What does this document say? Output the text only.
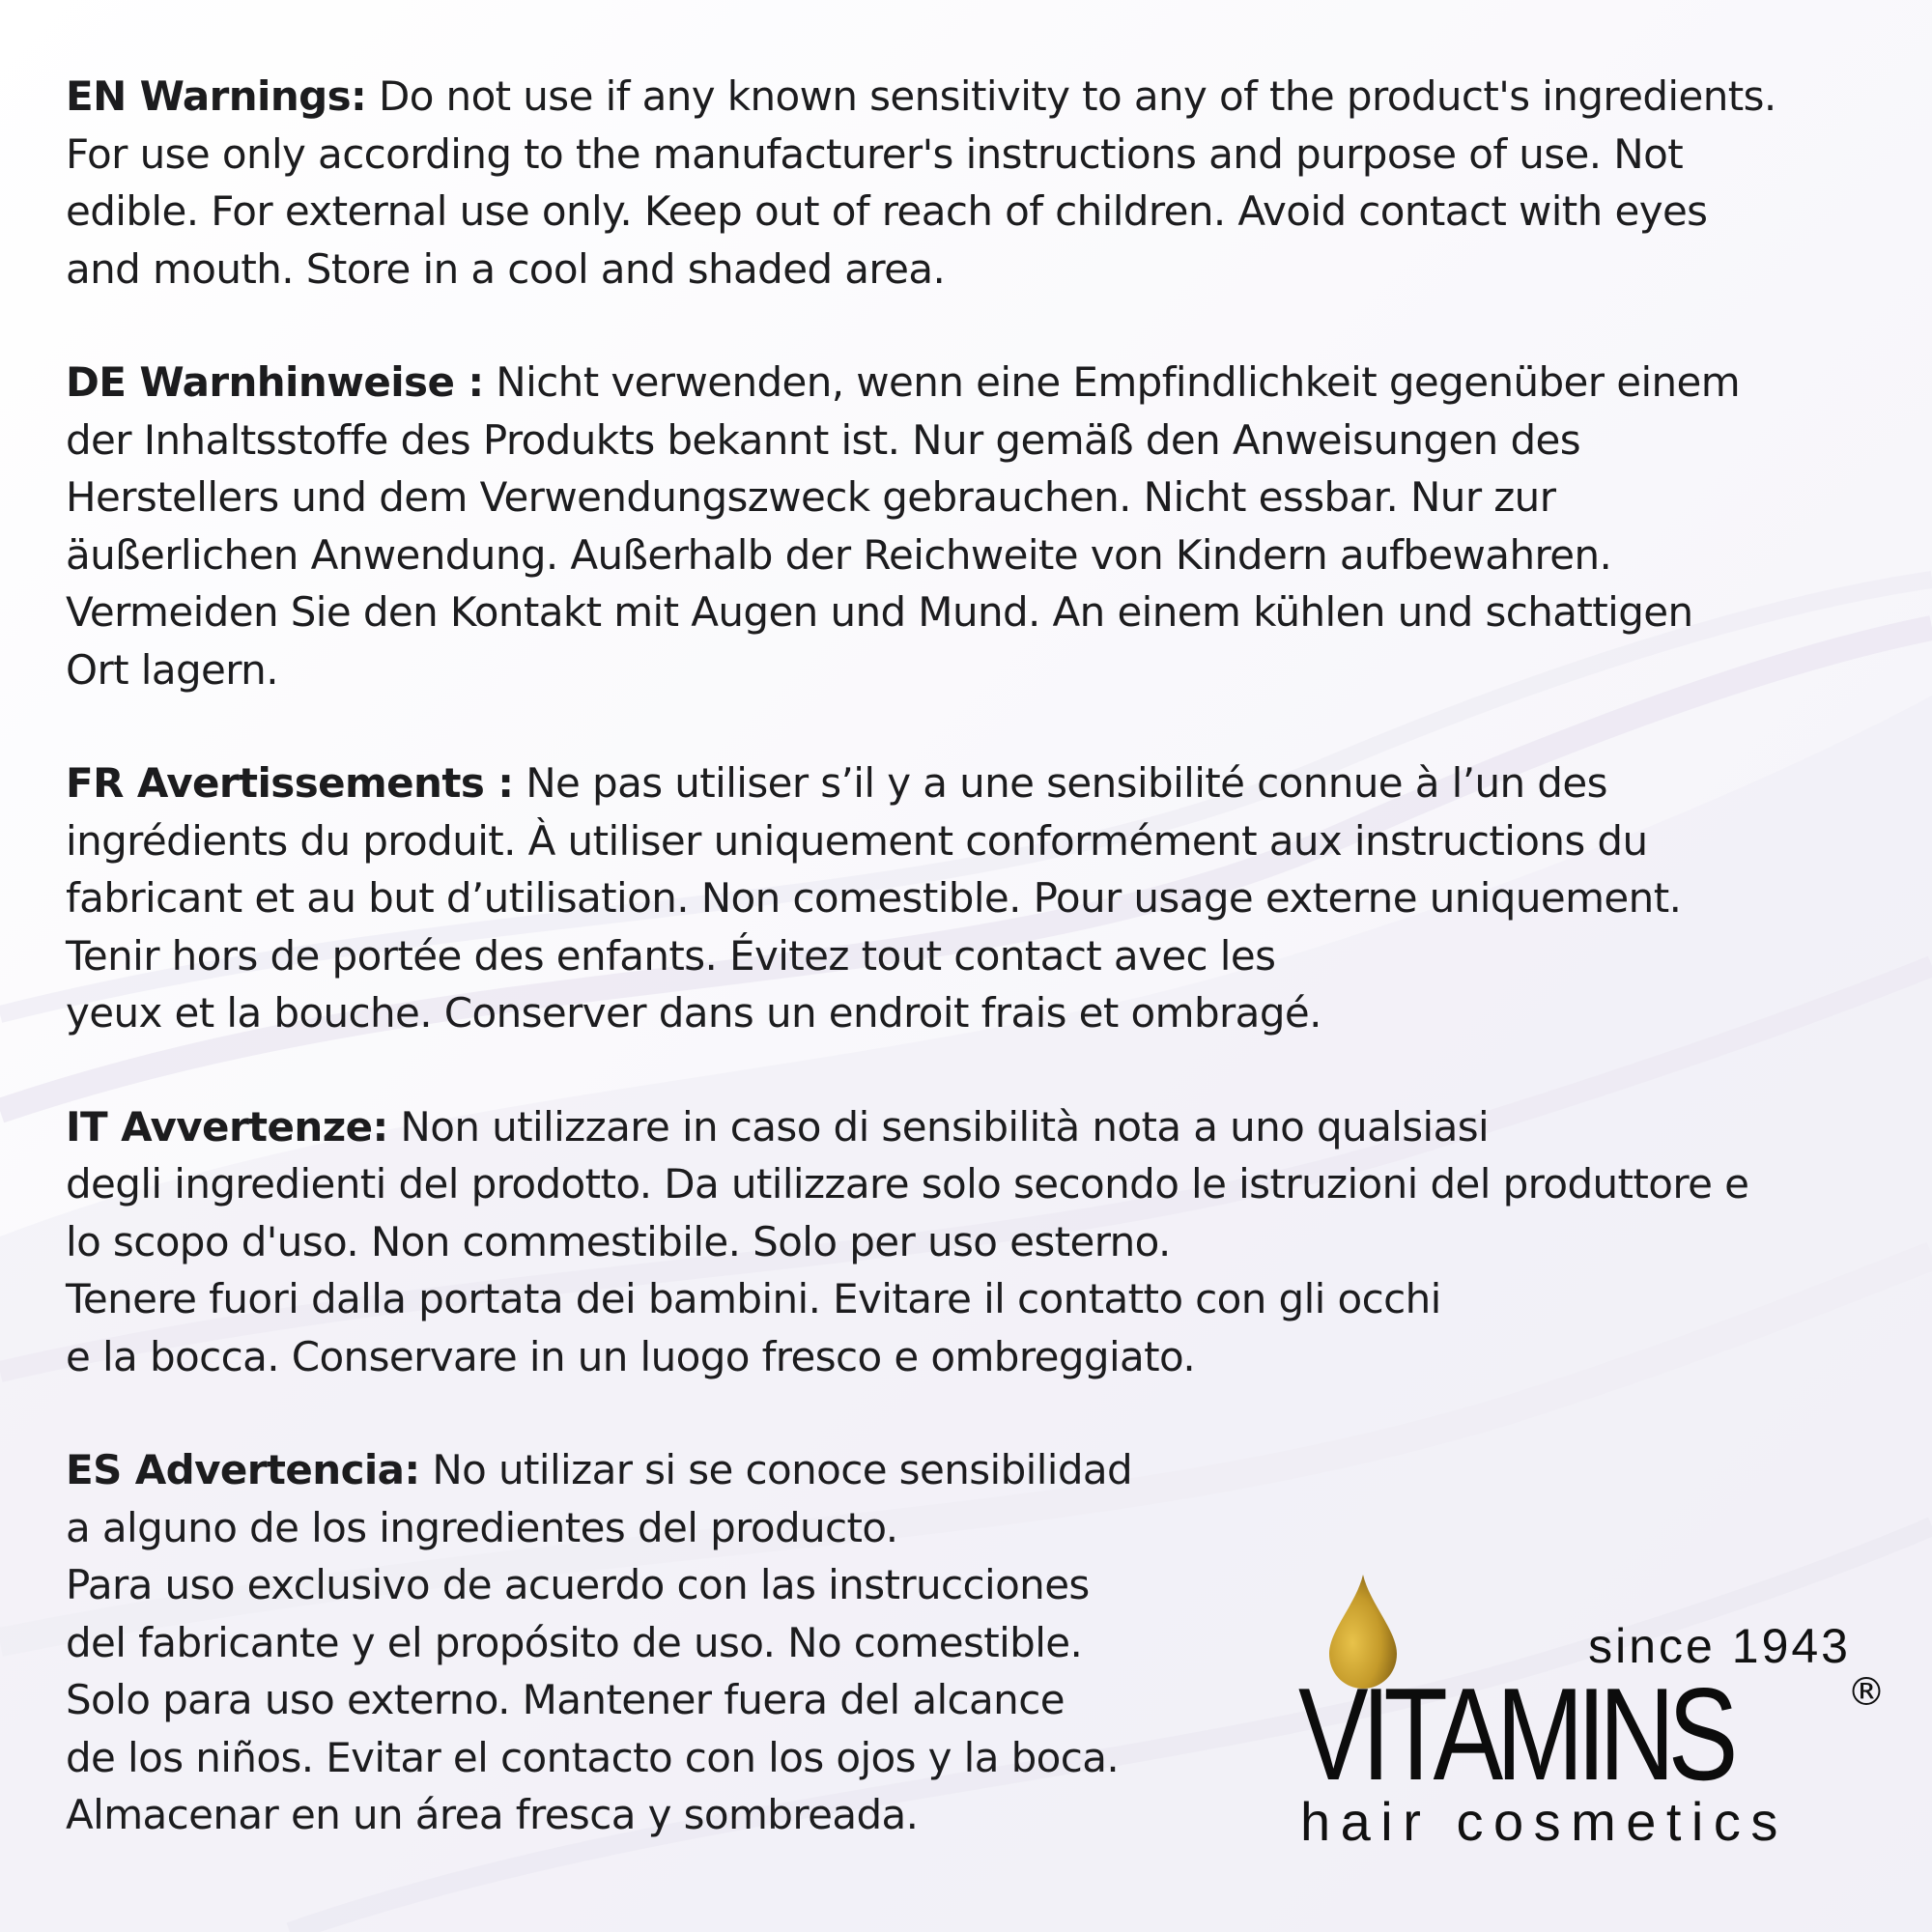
EN Warnings: Do not use if any known sensitivity to any of the product's ingredients.
For use only according to the manufacturer's instructions and purpose of use. Not
edible. For external use only. Keep out of reach of children. Avoid contact with eyes
and mouth. Store in a cool and shaded area.

DE Warnhinweise : Nicht verwenden, wenn eine Empfindlichkeit gegenüber einem
der Inhaltsstoffe des Produkts bekannt ist. Nur gemäß den Anweisungen des
Herstellers und dem Verwendungszweck gebrauchen. Nicht essbar. Nur zur
äußerlichen Anwendung. Außerhalb der Reichweite von Kindern aufbewahren.
Vermeiden Sie den Kontakt mit Augen und Mund. An einem kühlen und schattigen
Ort lagern.

FR Avertissements : Ne pas utiliser s’il y a une sensibilité connue à l’un des
ingrédients du produit. À utiliser uniquement conformément aux instructions du
fabricant et au but d’utilisation. Non comestible. Pour usage externe uniquement.
Tenir hors de portée des enfants. Évitez tout contact avec les
yeux et la bouche. Conserver dans un endroit frais et ombragé.

IT Avvertenze: Non utilizzare in caso di sensibilità nota a uno qualsiasi
degli ingredienti del prodotto. Da utilizzare solo secondo le istruzioni del produttore e
lo scopo d'uso. Non commestibile. Solo per uso esterno.
Tenere fuori dalla portata dei bambini. Evitare il contatto con gli occhi
e la bocca. Conservare in un luogo fresco e ombreggiato.

ES Advertencia: No utilizar si se conoce sensibilidad
a alguno de los ingredientes del producto.
Para uso exclusivo de acuerdo con las instrucciones
del fabricante y el propósito de uso. No comestible.
Solo para uso externo. Mantener fuera del alcance
de los niños. Evitar el contacto con los ojos y la boca.
Almacenar en un área fresca y sombreada.

since 1943
VITAMINS	®
hair cosmetics
